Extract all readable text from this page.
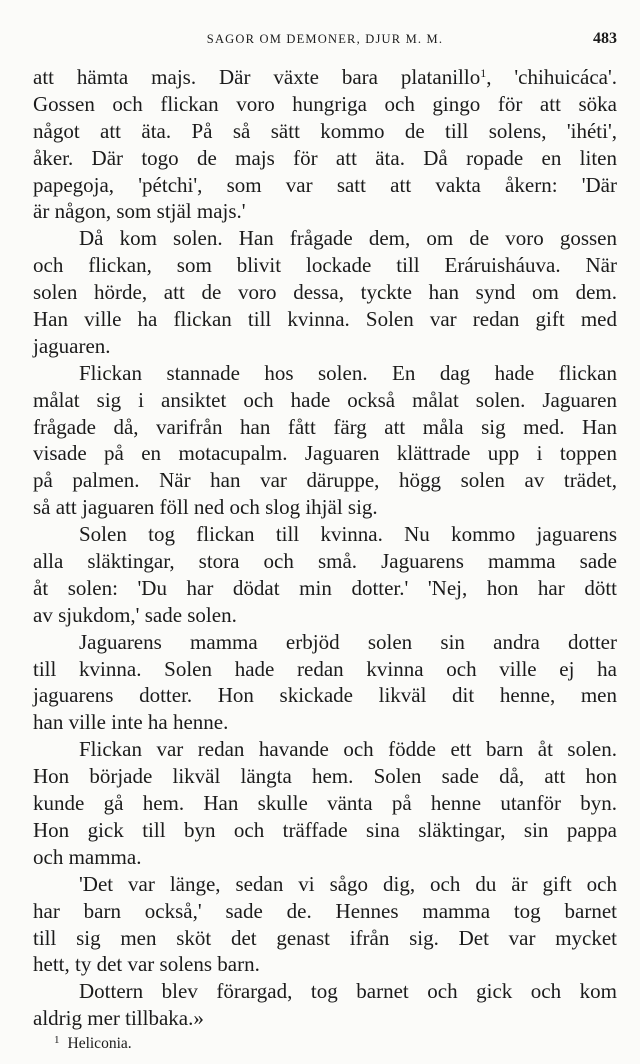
SAGOR OM DEMONER, DJUR M. M.	483

att hämta majs. Där växte bara platanillo$^1$, 'chihuicáca'.
Gossen och flickan voro hungriga och gingo för att söka
något att äta. På så sätt kommo de till solens, 'ihéti',
åker. Där togo de majs för att äta. Då ropade en liten
papegoja, 'pétchi', som var satt att vakta åkern: 'Där
är någon, som stjäl majs.'

Då kom solen. Han frågade dem, om de voro gossen
och flickan, som blivit lockade till Eráruisháuva. När
solen hörde, att de voro dessa, tyckte han synd om dem.
Han ville ha flickan till kvinna. Solen var redan gift med
jaguaren.

Flickan stannade hos solen. En dag hade flickan
målat sig i ansiktet och hade också målat solen. Jaguaren
frågade då, varifrån han fått färg att måla sig med. Han
visade på en motacupalm. Jaguaren klättrade upp i toppen
på palmen. När han var däruppe, högg solen av trädet,
så att jaguaren föll ned och slog ihjäl sig.

Solen tog flickan till kvinna. Nu kommo jaguarens
alla släktingar, stora och små. Jaguarens mamma sade
åt solen: 'Du har dödat min dotter.' 'Nej, hon har dött
av sjukdom,' sade solen.

Jaguarens mamma erbjöd solen sin andra dotter
till kvinna. Solen hade redan kvinna och ville ej ha
jaguarens dotter. Hon skickade likväl dit henne, men
han ville inte ha henne.

Flickan var redan havande och födde ett barn åt solen.
Hon började likväl längta hem. Solen sade då, att hon
kunde gå hem. Han skulle vänta på henne utanför byn.
Hon gick till byn och träffade sina släktingar, sin pappa
och mamma.

'Det var länge, sedan vi sågo dig, och du är gift och
har barn också,' sade de. Hennes mamma tog barnet
till sig men sköt det genast ifrån sig. Det var mycket
hett, ty det var solens barn.

Dottern blev förargad, tog barnet och gick och kom
aldrig mer tillbaka.»

$^1$ Heliconia.
